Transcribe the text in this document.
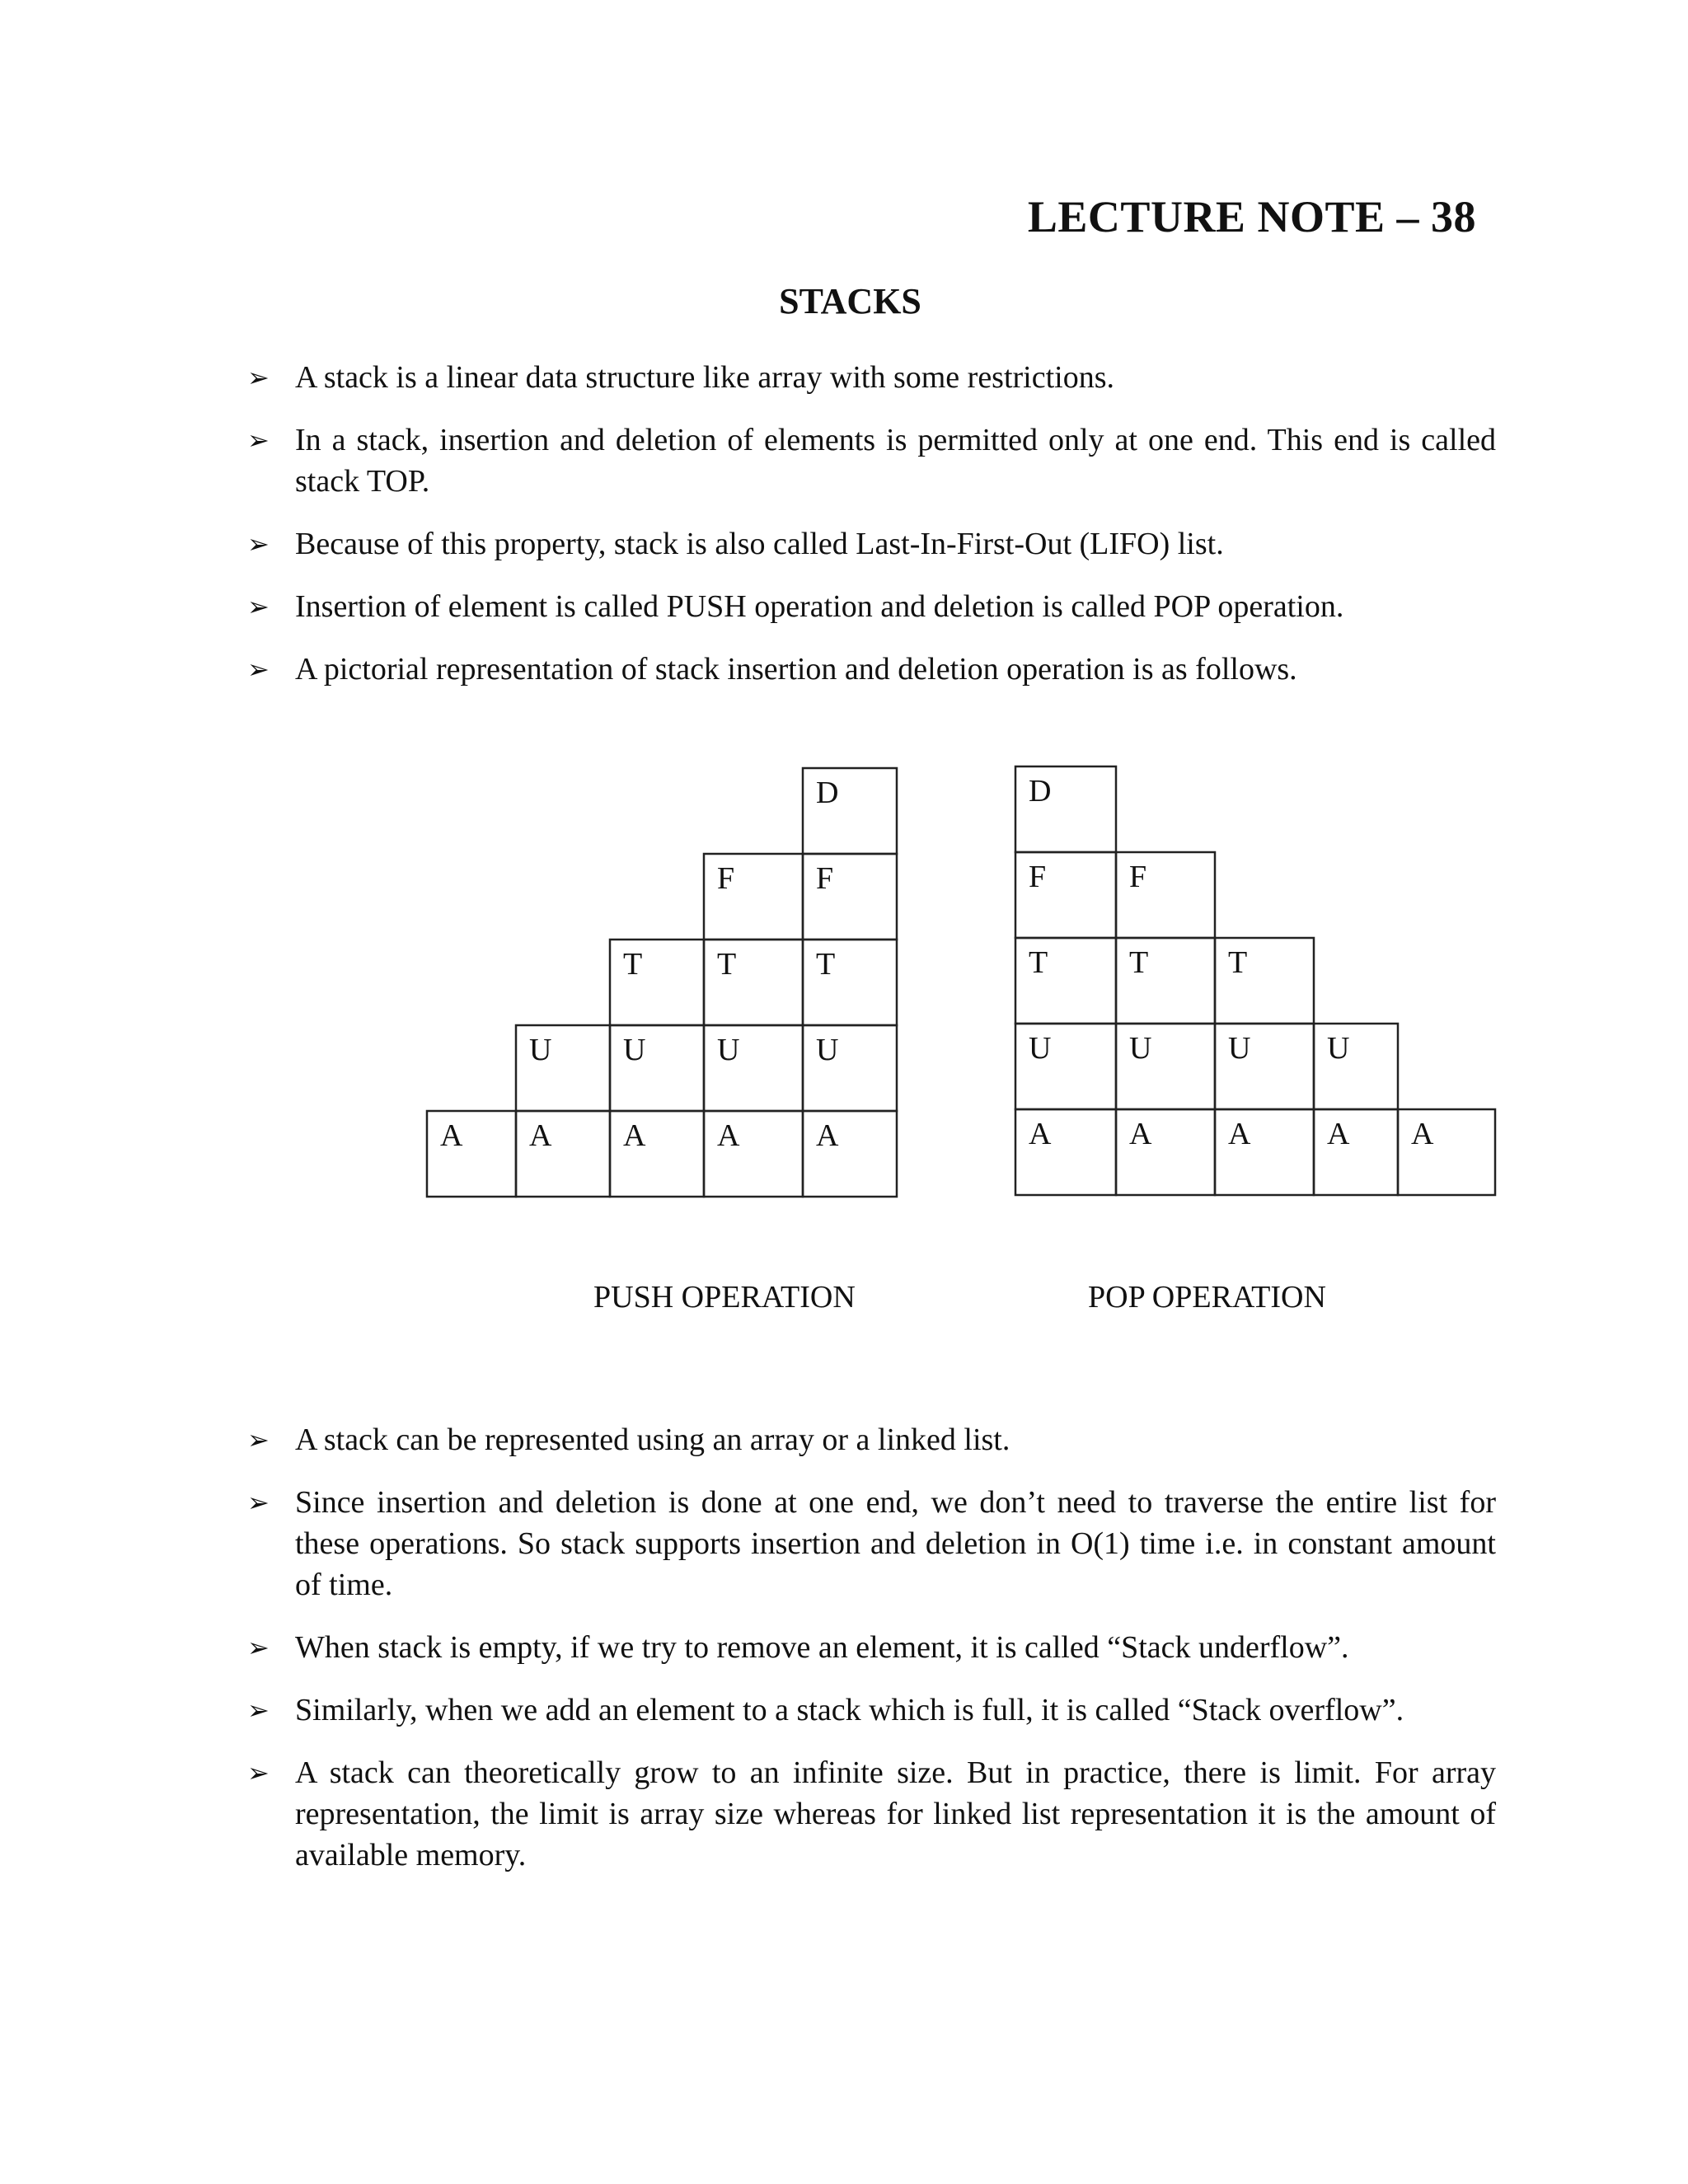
LECTURE NOTE – 38
STACKS
➢ A stack is a linear data structure like array with some restrictions.
➢ In a stack, insertion and deletion of elements is permitted only at one end. This end is called stack TOP.
➢ Because of this property, stack is also called Last-In-First-Out (LIFO) list.
➢ Insertion of element is called PUSH operation and deletion is called POP operation.
➢ A pictorial representation of stack insertion and deletion operation is as follows.
A A
U
A
U
T
A
U
T
F
A
U
T
F
D
A
U
T
F
D
A
U
T
F
A
U
T
A
U
A

PUSH OPERATION	POP OPERATION

➢ A stack can be represented using an array or a linked list.
➢ Since insertion and deletion is done at one end, we don’t need to traverse the entire list for these operations. So stack supports insertion and deletion in O(1) time i.e. in constant amount of time.
➢ When stack is empty, if we try to remove an element, it is called “Stack underflow”.
➢ Similarly, when we add an element to a stack which is full, it is called “Stack overflow”.
➢ A stack can theoretically grow to an infinite size. But in practice, there is limit. For array representation, the limit is array size whereas for linked list representation it is the amount of available memory.
